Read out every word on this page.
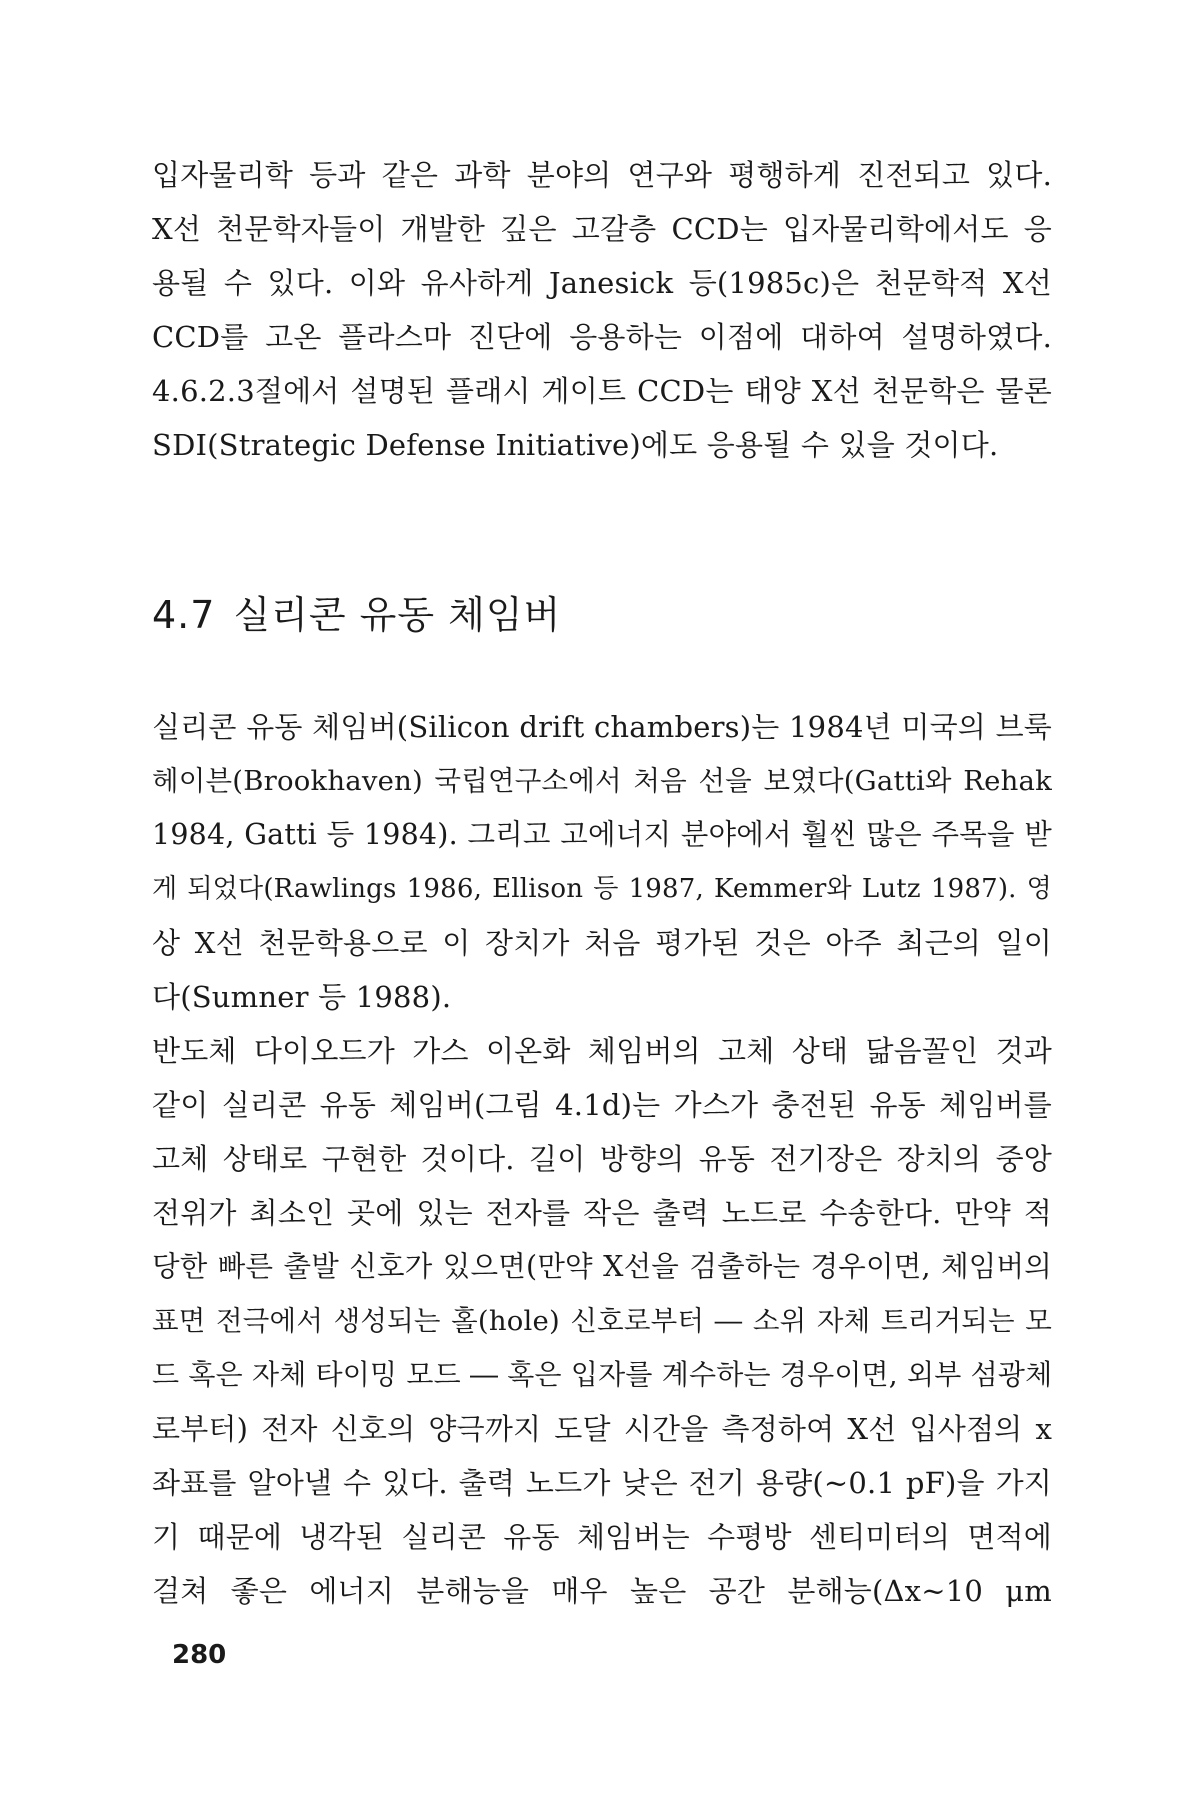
입자물리학 등과 같은 과학 분야의 연구와 평행하게 진전되고 있다.
X선 천문학자들이 개발한 깊은 고갈층 CCD는 입자물리학에서도 응
용될 수 있다. 이와 유사하게 Janesick 등(1985c)은 천문학적 X선
CCD를 고온 플라스마 진단에 응용하는 이점에 대하여 설명하였다.
4.6.2.3절에서 설명된 플래시 게이트 CCD는 태양 X선 천문학은 물론
SDI(Strategic Defense Initiative)에도 응용될 수 있을 것이다.
4.7 실리콘 유동 체임버
실리콘 유동 체임버(Silicon drift chambers)는 1984년 미국의 브룩
헤이븐(Brookhaven) 국립연구소에서 처음 선을 보였다(Gatti와 Rehak
1984, Gatti 등 1984). 그리고 고에너지 분야에서 훨씬 많은 주목을 받
게 되었다(Rawlings 1986, Ellison 등 1987, Kemmer와 Lutz 1987). 영
상 X선 천문학용으로 이 장치가 처음 평가된 것은 아주 최근의 일이
다(Sumner 등 1988).
반도체 다이오드가 가스 이온화 체임버의 고체 상태 닮음꼴인 것과
같이 실리콘 유동 체임버(그림 4.1d)는 가스가 충전된 유동 체임버를
고체 상태로 구현한 것이다. 길이 방향의 유동 전기장은 장치의 중앙
전위가 최소인 곳에 있는 전자를 작은 출력 노드로 수송한다. 만약 적
당한 빠른 출발 신호가 있으면(만약 X선을 검출하는 경우이면, 체임버의
표면 전극에서 생성되는 홀(hole) 신호로부터 ― 소위 자체 트리거되는 모
드 혹은 자체 타이밍 모드 ― 혹은 입자를 계수하는 경우이면, 외부 섬광체
로부터) 전자 신호의 양극까지 도달 시간을 측정하여 X선 입사점의 x
좌표를 알아낼 수 있다. 출력 노드가 낮은 전기 용량(~0.1 pF)을 가지
기 때문에 냉각된 실리콘 유동 체임버는 수평방 센티미터의 면적에
걸쳐 좋은 에너지 분해능을 매우 높은 공간 분해능(Δx~10 μm
280
